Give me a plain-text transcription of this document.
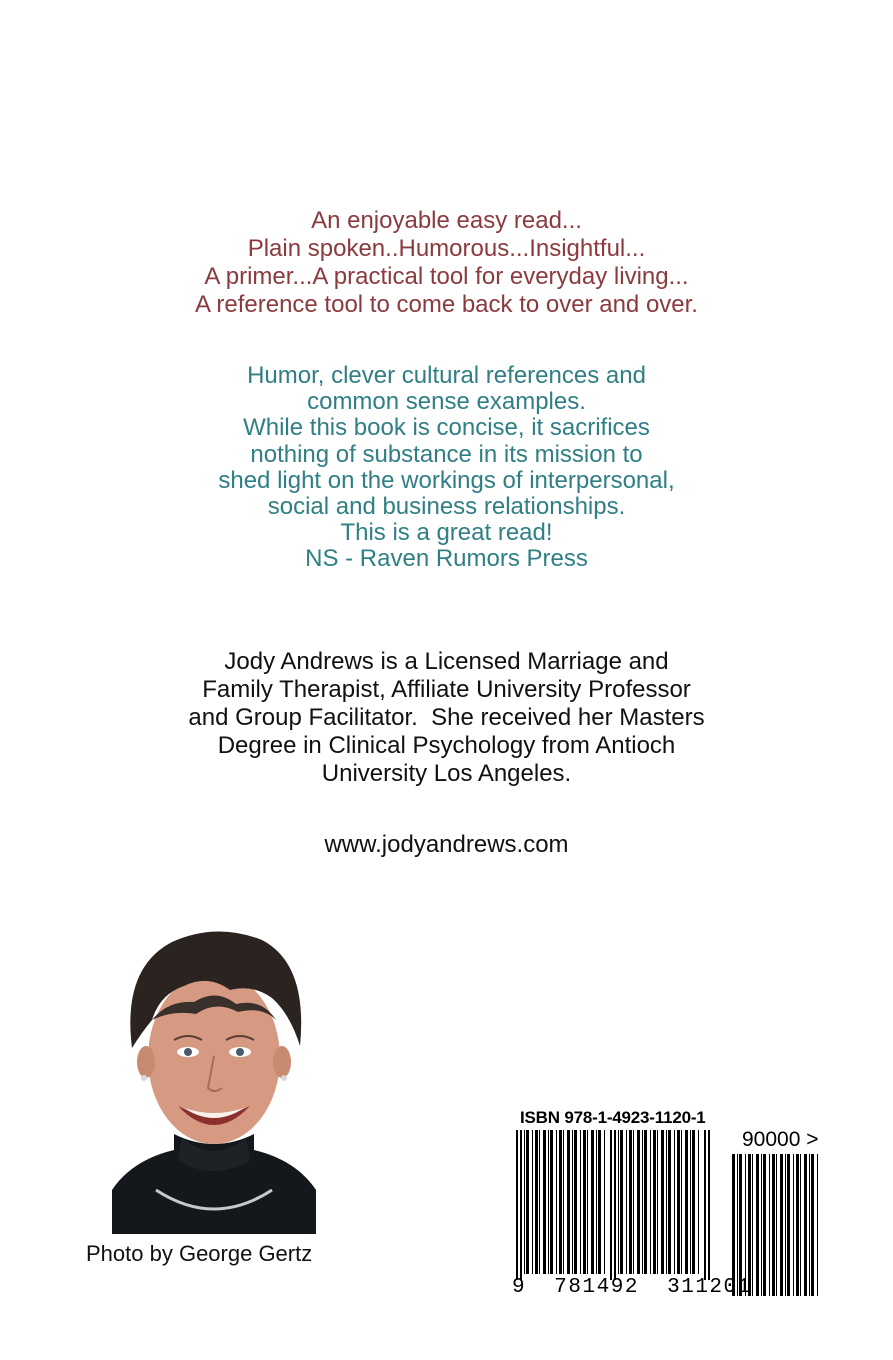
An enjoyable easy read...
Plain spoken..Humorous...Insightful...
A primer...A practical tool for everyday living...
A reference tool to come back to over and over.
Humor, clever cultural references and
common sense examples.
While this book is concise, it sacrifices
nothing of substance in its mission to
shed light on the workings of interpersonal,
social and business relationships.
This is a great read!
NS - Raven Rumors Press
Jody Andrews is a Licensed Marriage and
Family Therapist, Affiliate University Professor
and Group Facilitator.  She received her Masters
Degree in Clinical Psychology from Antioch
University Los Angeles.
www.jodyandrews.com
Photo by George Gertz
ISBN 978-1-4923-1120-1
90000 >
9  781492  311201
